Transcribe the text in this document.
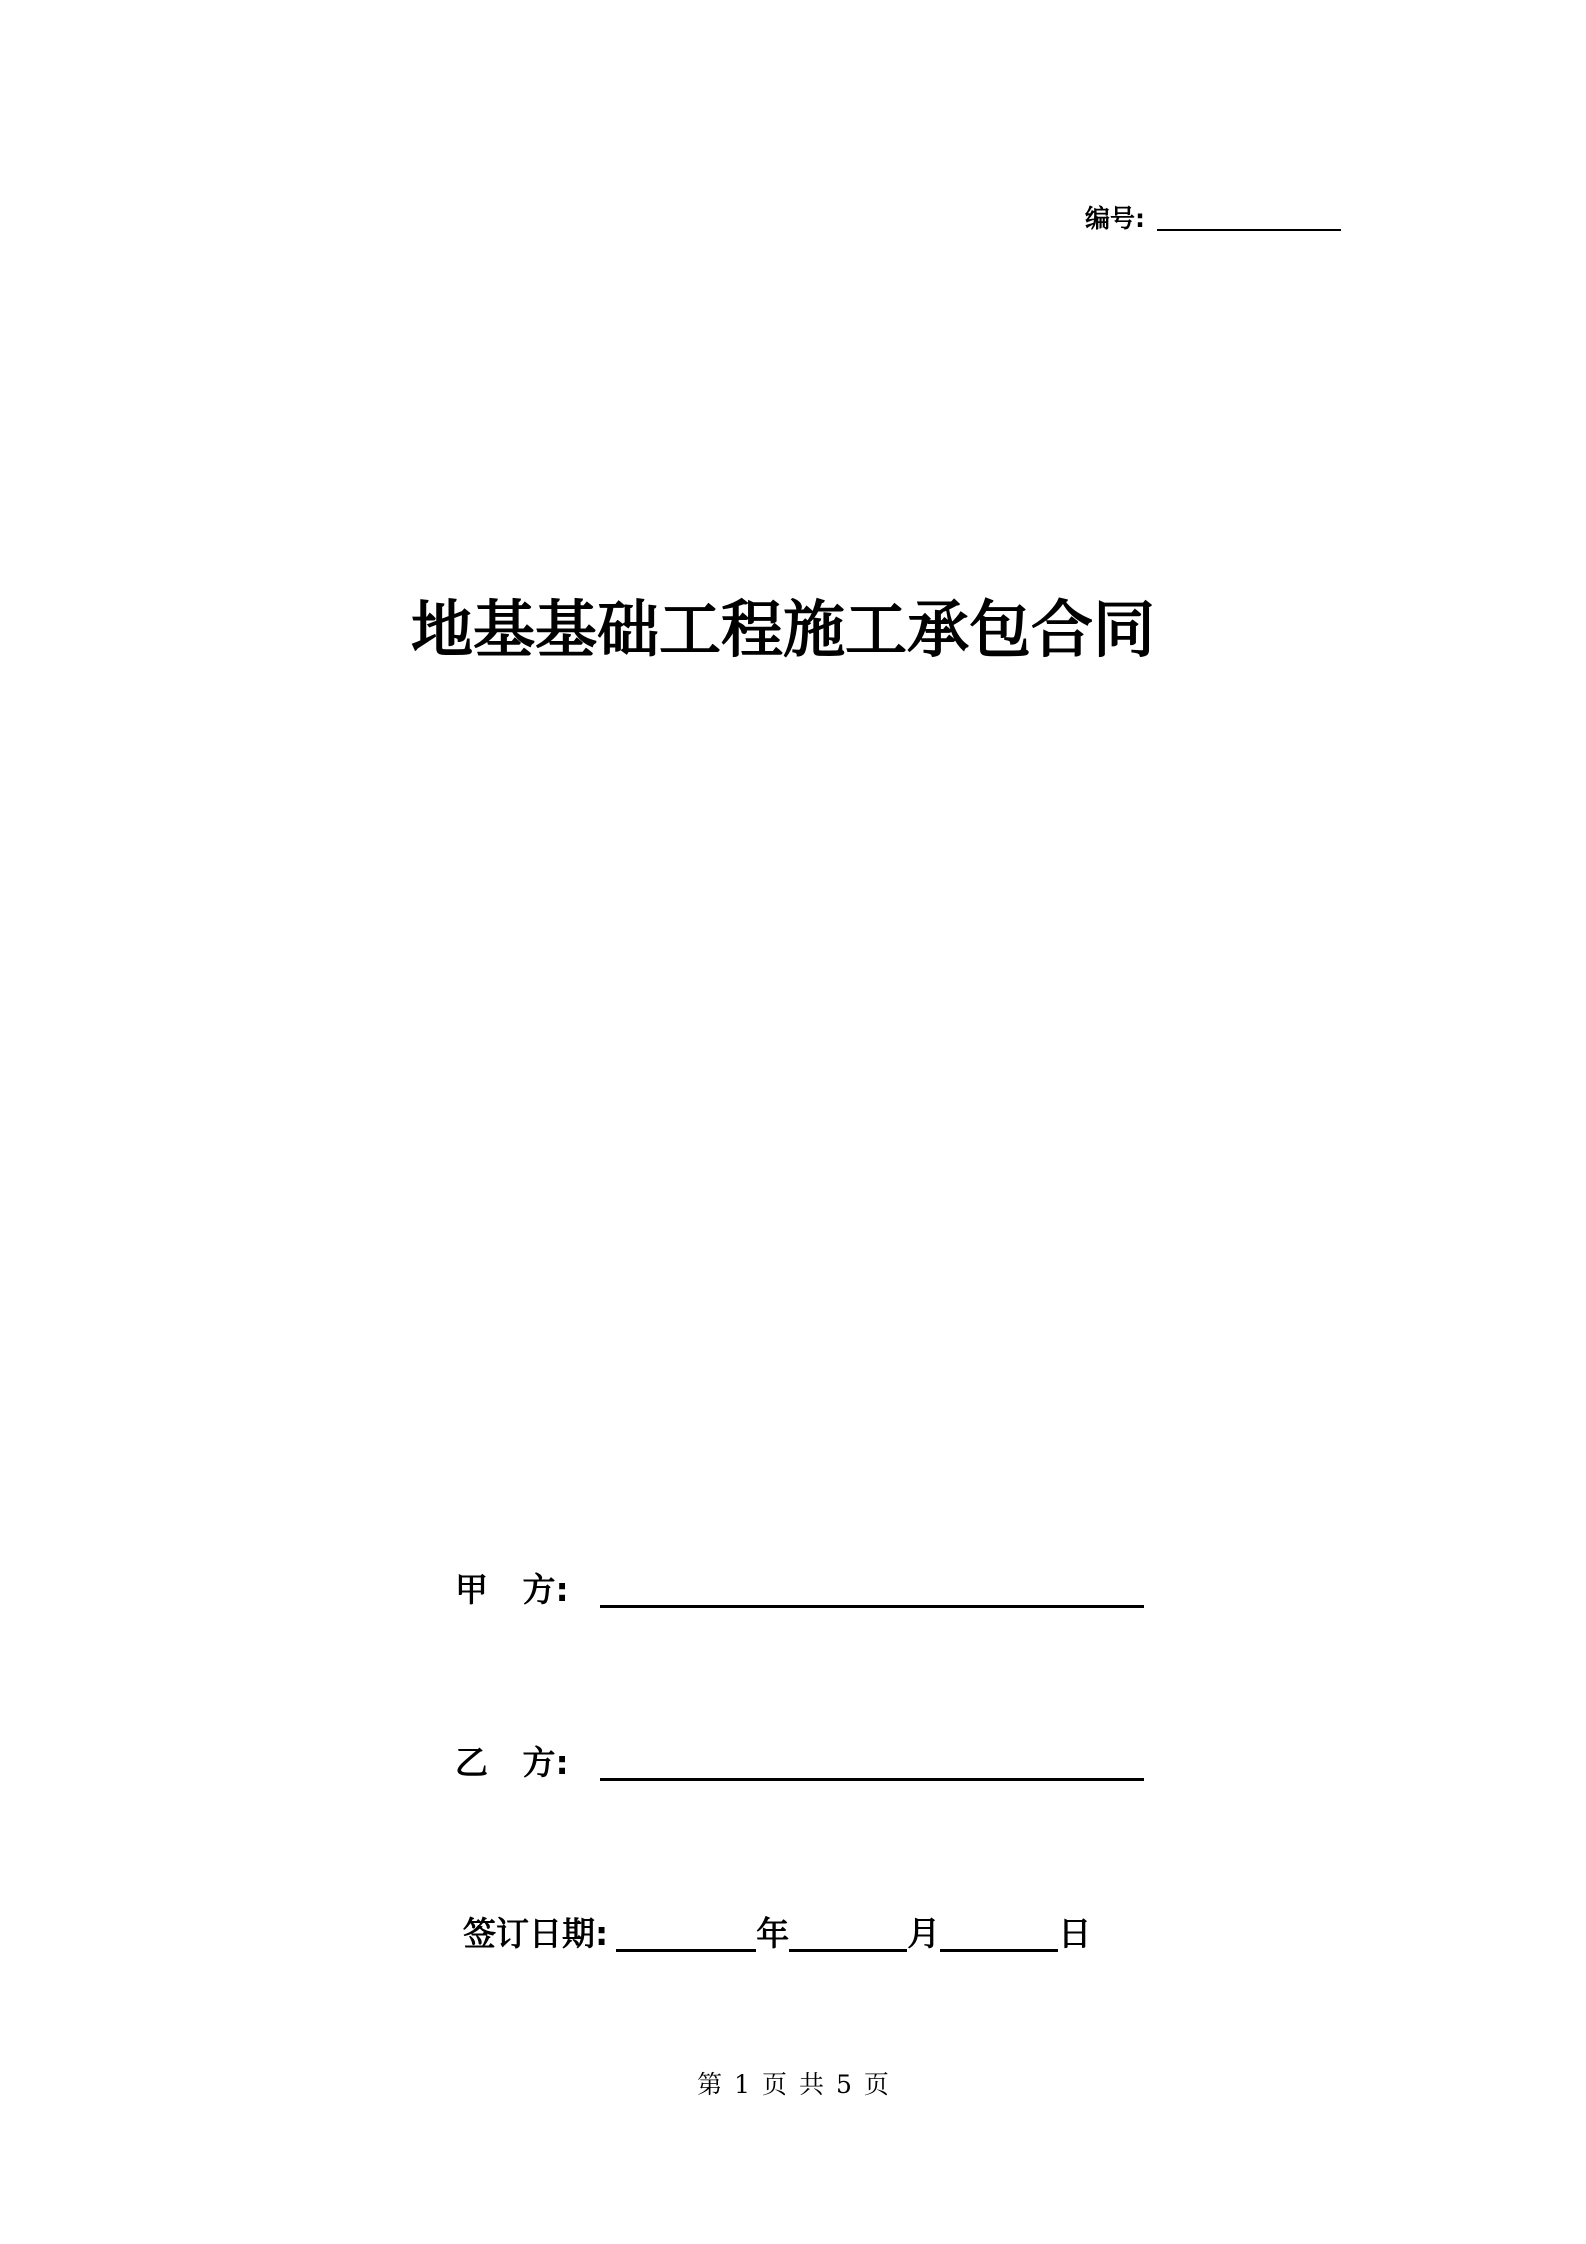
编号:
地基基础工程施工承包合同
甲   方:
乙   方:
签订日期:	年	月	日
第 1 页 共 5 页
